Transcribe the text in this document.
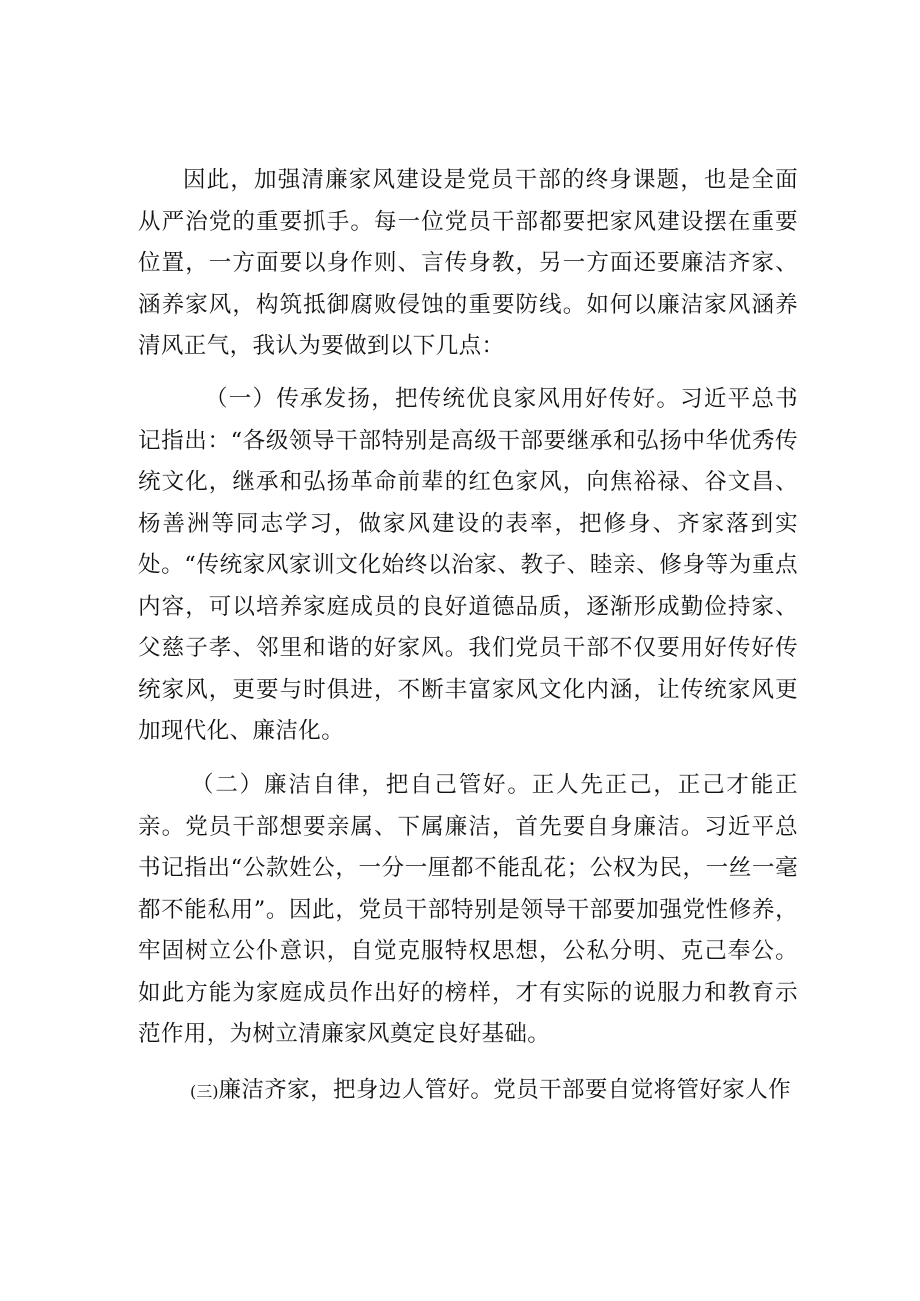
因此，加强清廉家风建设是党员干部的终身课题，也是全面从严治党的重要抓手。每一位党员干部都要把家风建设摆在重要位置，一方面要以身作则、言传身教，另一方面还要廉洁齐家、涵养家风，构筑抵御腐败侵蚀的重要防线。如何以廉洁家风涵养清风正气，我认为要做到以下几点：

（一）传承发扬，把传统优良家风用好传好。习近平总书记指出：“各级领导干部特别是高级干部要继承和弘扬中华优秀传统文化，继承和弘扬革命前辈的红色家风，向焦裕禄、谷文昌、杨善洲等同志学习，做家风建设的表率，把修身、齐家落到实处。“传统家风家训文化始终以治家、教子、睦亲、修身等为重点内容，可以培养家庭成员的良好道德品质，逐渐形成勤俭持家、父慈子孝、邻里和谐的好家风。我们党员干部不仅要用好传好传统家风，更要与时俱进，不断丰富家风文化内涵，让传统家风更加现代化、廉洁化。

（二）廉洁自律，把自己管好。正人先正己，正己才能正亲。党员干部想要亲属、下属廉洁，首先要自身廉洁。习近平总书记指出“公款姓公，一分一厘都不能乱花；公权为民，一丝一毫都不能私用”。因此，党员干部特别是领导干部要加强党性修养，牢固树立公仆意识，自觉克服特权思想，公私分明、克己奉公。如此方能为家庭成员作出好的榜样，才有实际的说服力和教育示范作用，为树立清廉家风奠定良好基础。

(三)廉洁齐家，把身边人管好。党员干部要自觉将管好家人作
